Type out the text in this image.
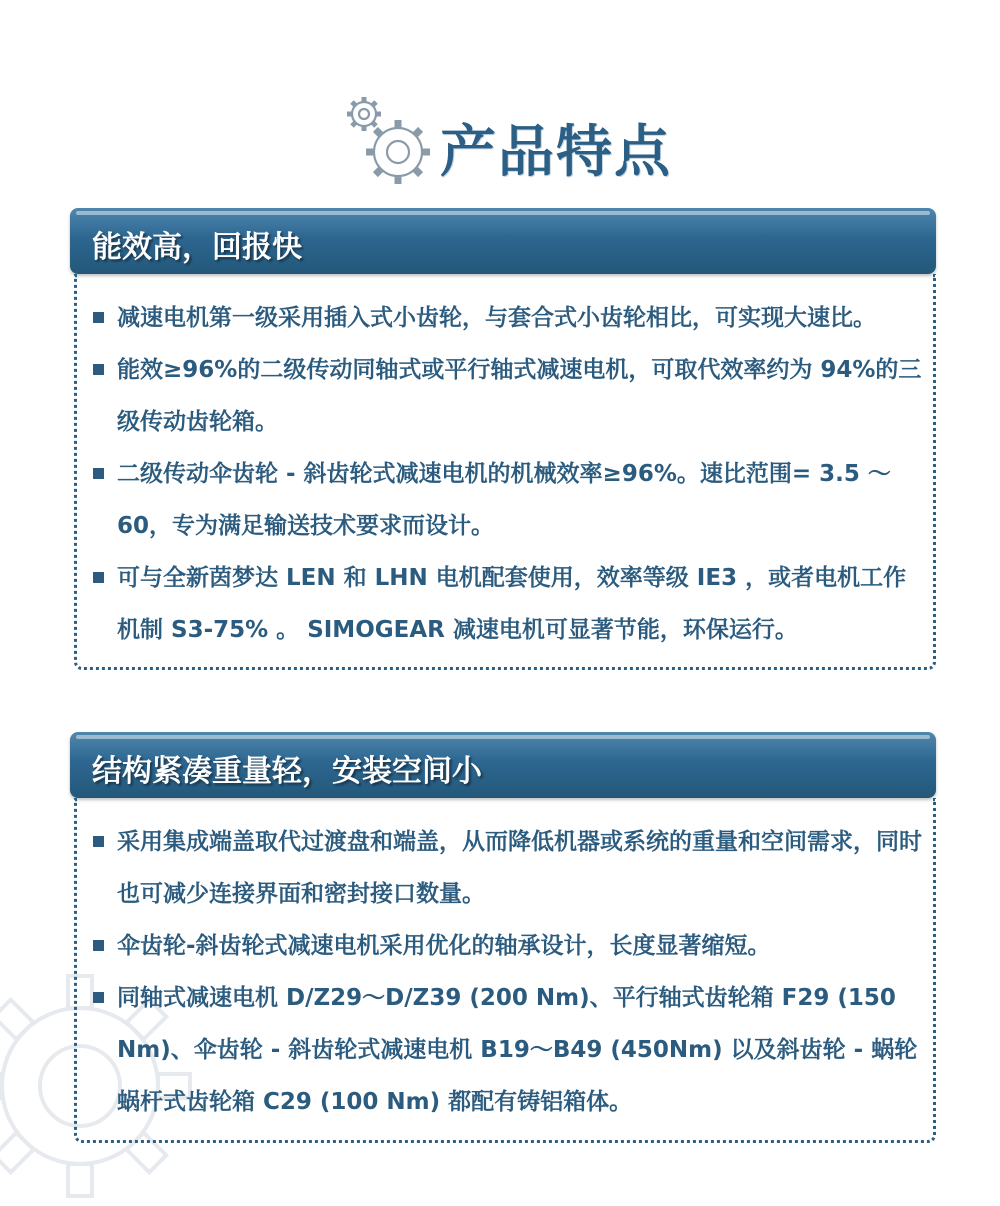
产品特点
能效高，回报快
减速电机第一级采用插入式小齿轮，与套合式小齿轮相比，可实现大速比。
能效≥96%的二级传动同轴式或平行轴式减速电机，可取代效率约为 94%的三级传动齿轮箱。
二级传动伞齿轮 - 斜齿轮式减速电机的机械效率≥96%。速比范围= 3.5 ～ 60，专为满足输送技术要求而设计。
可与全新茵梦达 LEN 和 LHN 电机配套使用，效率等级 IE3 ，或者电机工作机制 S3-75% 。 SIMOGEAR 减速电机可显著节能，环保运行。
结构紧凑重量轻，安装空间小
采用集成端盖取代过渡盘和端盖，从而降低机器或系统的重量和空间需求，同时也可减少连接界面和密封接口数量。
伞齿轮-斜齿轮式减速电机采用优化的轴承设计，长度显著缩短。
同轴式减速电机 D/Z29～D/Z39 (200 Nm)、平行轴式齿轮箱 F29 (150 Nm)、伞齿轮 - 斜齿轮式减速电机 B19～B49 (450Nm) 以及斜齿轮 - 蜗轮蜗杆式齿轮箱 C29 (100 Nm) 都配有铸铝箱体。
